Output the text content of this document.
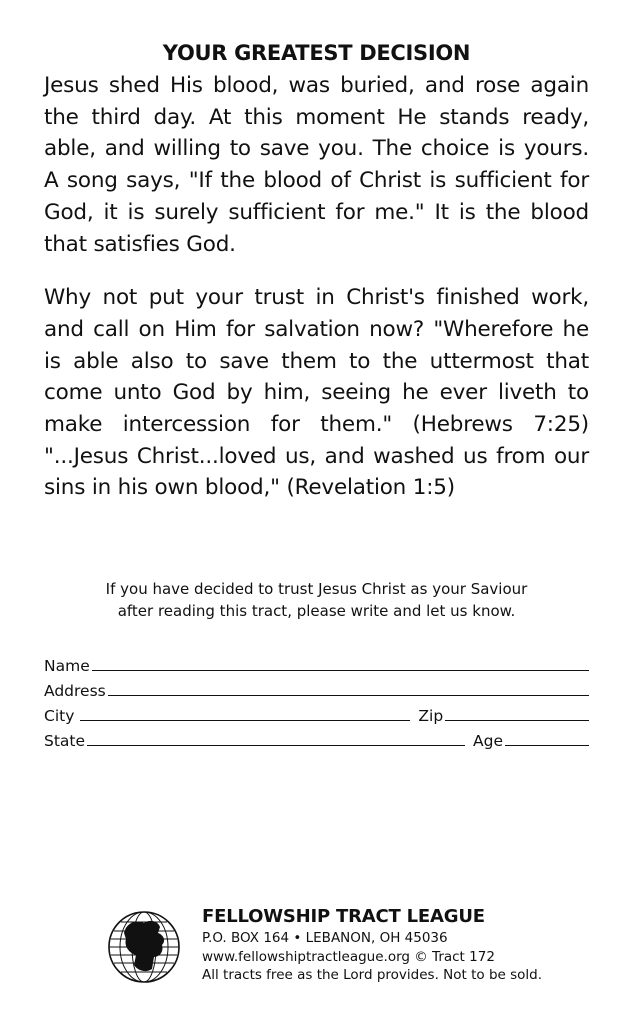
YOUR GREATEST DECISION

Jesus shed His blood, was buried, and rose again the third day. At this moment He stands ready, able, and willing to save you. The choice is yours. A song says, "If the blood of Christ is sufficient for God, it is surely sufficient for me." It is the blood that satisfies God.

Why not put your trust in Christ's finished work, and call on Him for salvation now? "Wherefore he is able also to save them to the uttermost that come unto God by him, seeing he ever liveth to make intercession for them." (Hebrews 7:25) "...Jesus Christ...loved us, and washed us from our sins in his own blood," (Revelation 1:5)

If you have decided to trust Jesus Christ as your Saviour
after reading this tract, please write and let us know.
Name
Address
City	Zip
State	Age
FELLOWSHIP TRACT LEAGUE
P.O. BOX 164 • LEBANON, OH 45036
www.fellowshiptractleague.org © Tract 172
All tracts free as the Lord provides. Not to be sold.
